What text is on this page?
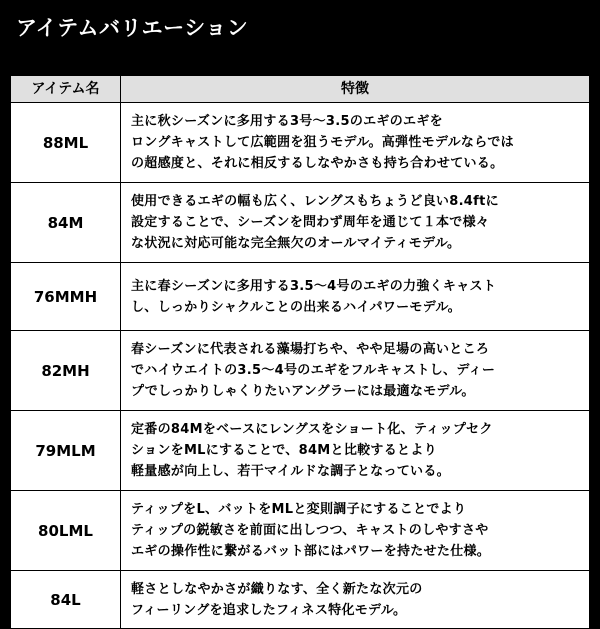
アイテムバリエーション
アイテム名	特徴
88ML	主に秋シーズンに多用する3号〜3.5のエギのエギを
ロングキャストして広範囲を狙うモデル。高弾性モデルならでは
の超感度と、それに相反するしなやかさも持ち合わせている。

84M	使用できるエギの幅も広く、レングスもちょうど良い8.4ftに
設定することで、シーズンを問わず周年を通じて１本で様々
な状況に対応可能な完全無欠のオールマイティモデル。

76MMH	主に春シーズンに多用する3.5〜4号のエギの力強くキャスト
し、しっかりシャクルことの出来るハイパワーモデル。

82MH	春シーズンに代表される藻場打ちや、やや足場の高いところ
でハイウエイトの3.5〜4号のエギをフルキャストし、ディー
プでしっかりしゃくりたいアングラーには最適なモデル。

79MLM	定番の84Mをベースにレングスをショート化、ティップセク
ションをMLにすることで、84Mと比較するとより
軽量感が向上し、若干マイルドな調子となっている。

80LML	ティップをL、バットをMLと変則調子にすることでより
ティップの鋭敏さを前面に出しつつ、キャストのしやすさや
エギの操作性に繋がるバット部にはパワーを持たせた仕様。

84L	軽さとしなやかさが織りなす、全く新たな次元の
フィーリングを追求したフィネス特化モデル。
